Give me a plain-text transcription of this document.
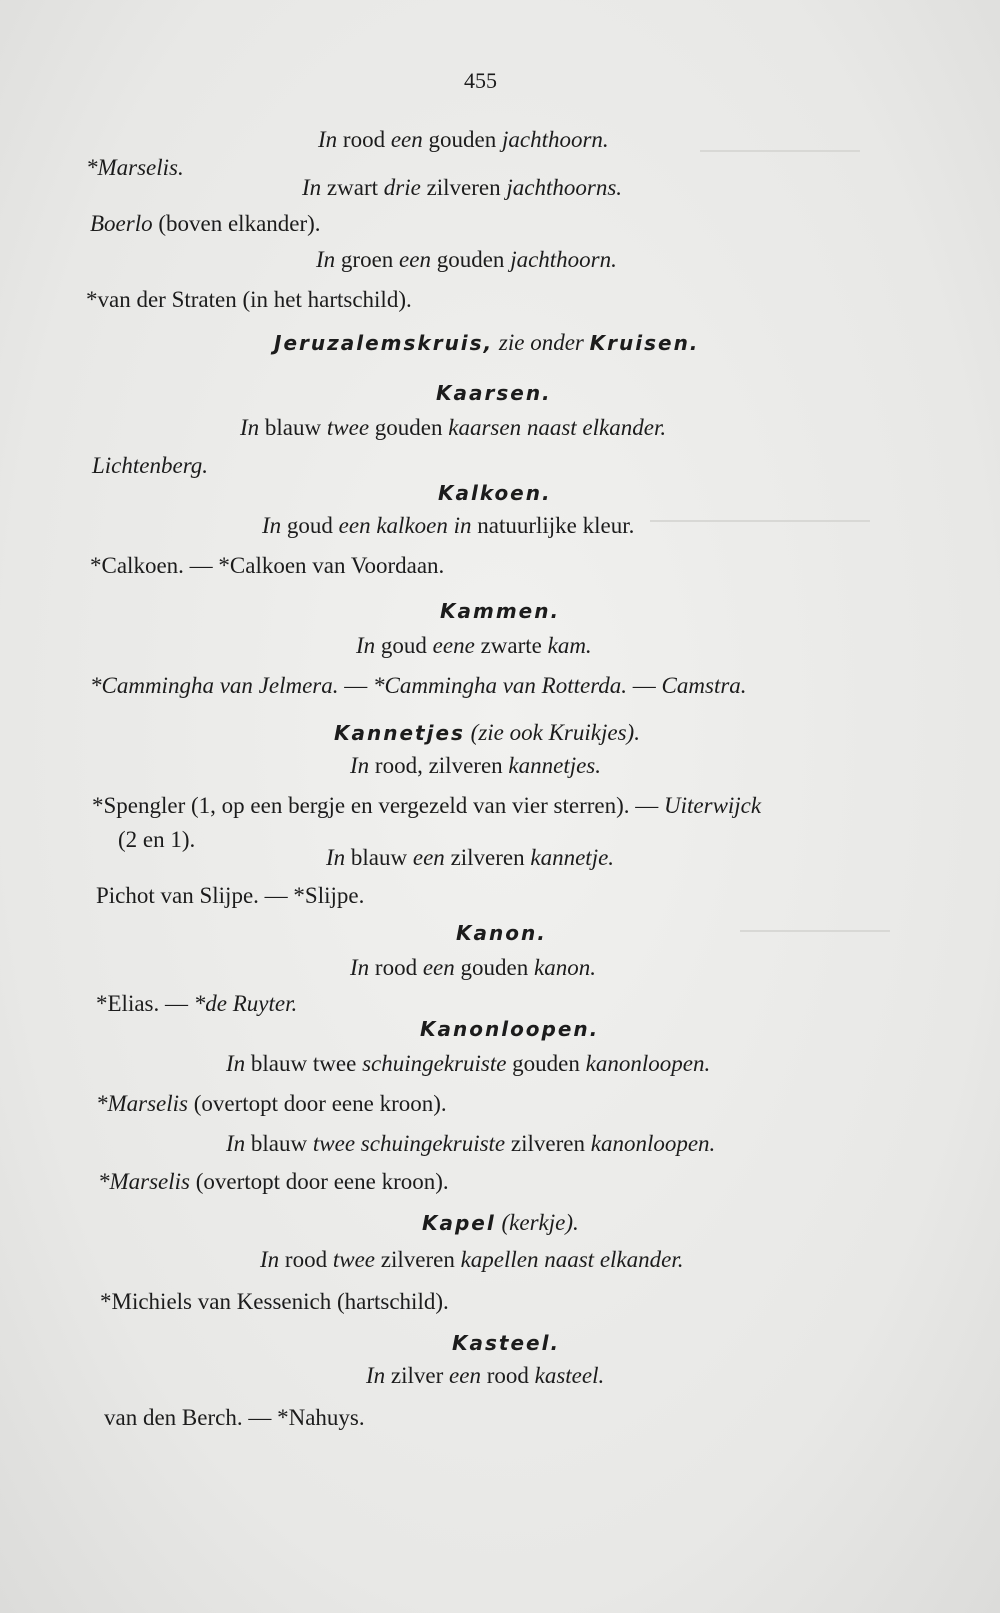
455
In rood een gouden jachthoorn.
*Marselis.
In zwart drie zilveren jachthoorns.
Boerlo (boven elkander).
In groen een gouden jachthoorn.
*van der Straten (in het hartschild).
Jeruzalemskruis, zie onder Kruisen.
Kaarsen.
In blauw twee gouden kaarsen naast elkander.
Lichtenberg.
Kalkoen.
In goud een kalkoen in natuurlijke kleur.
*Calkoen. — *Calkoen van Voordaan.
Kammen.
In goud eene zwarte kam.
*Cammingha van Jelmera. — *Cammingha van Rotterda. — Camstra.
Kannetjes (zie ook Kruikjes).
In rood, zilveren kannetjes.
*Spengler (1, op een bergje en vergezeld van vier sterren). — Uiterwijck
(2 en 1).
In blauw een zilveren kannetje.
Pichot van Slijpe. — *Slijpe.
Kanon.
In rood een gouden kanon.
*Elias. — *de Ruyter.
Kanonloopen.
In blauw twee schuingekruiste gouden kanonloopen.
*Marselis (overtopt door eene kroon).
In blauw twee schuingekruiste zilveren kanonloopen.
*Marselis (overtopt door eene kroon).
Kapel (kerkje).
In rood twee zilveren kapellen naast elkander.
*Michiels van Kessenich (hartschild).
Kasteel.
In zilver een rood kasteel.
van den Berch. — *Nahuys.
